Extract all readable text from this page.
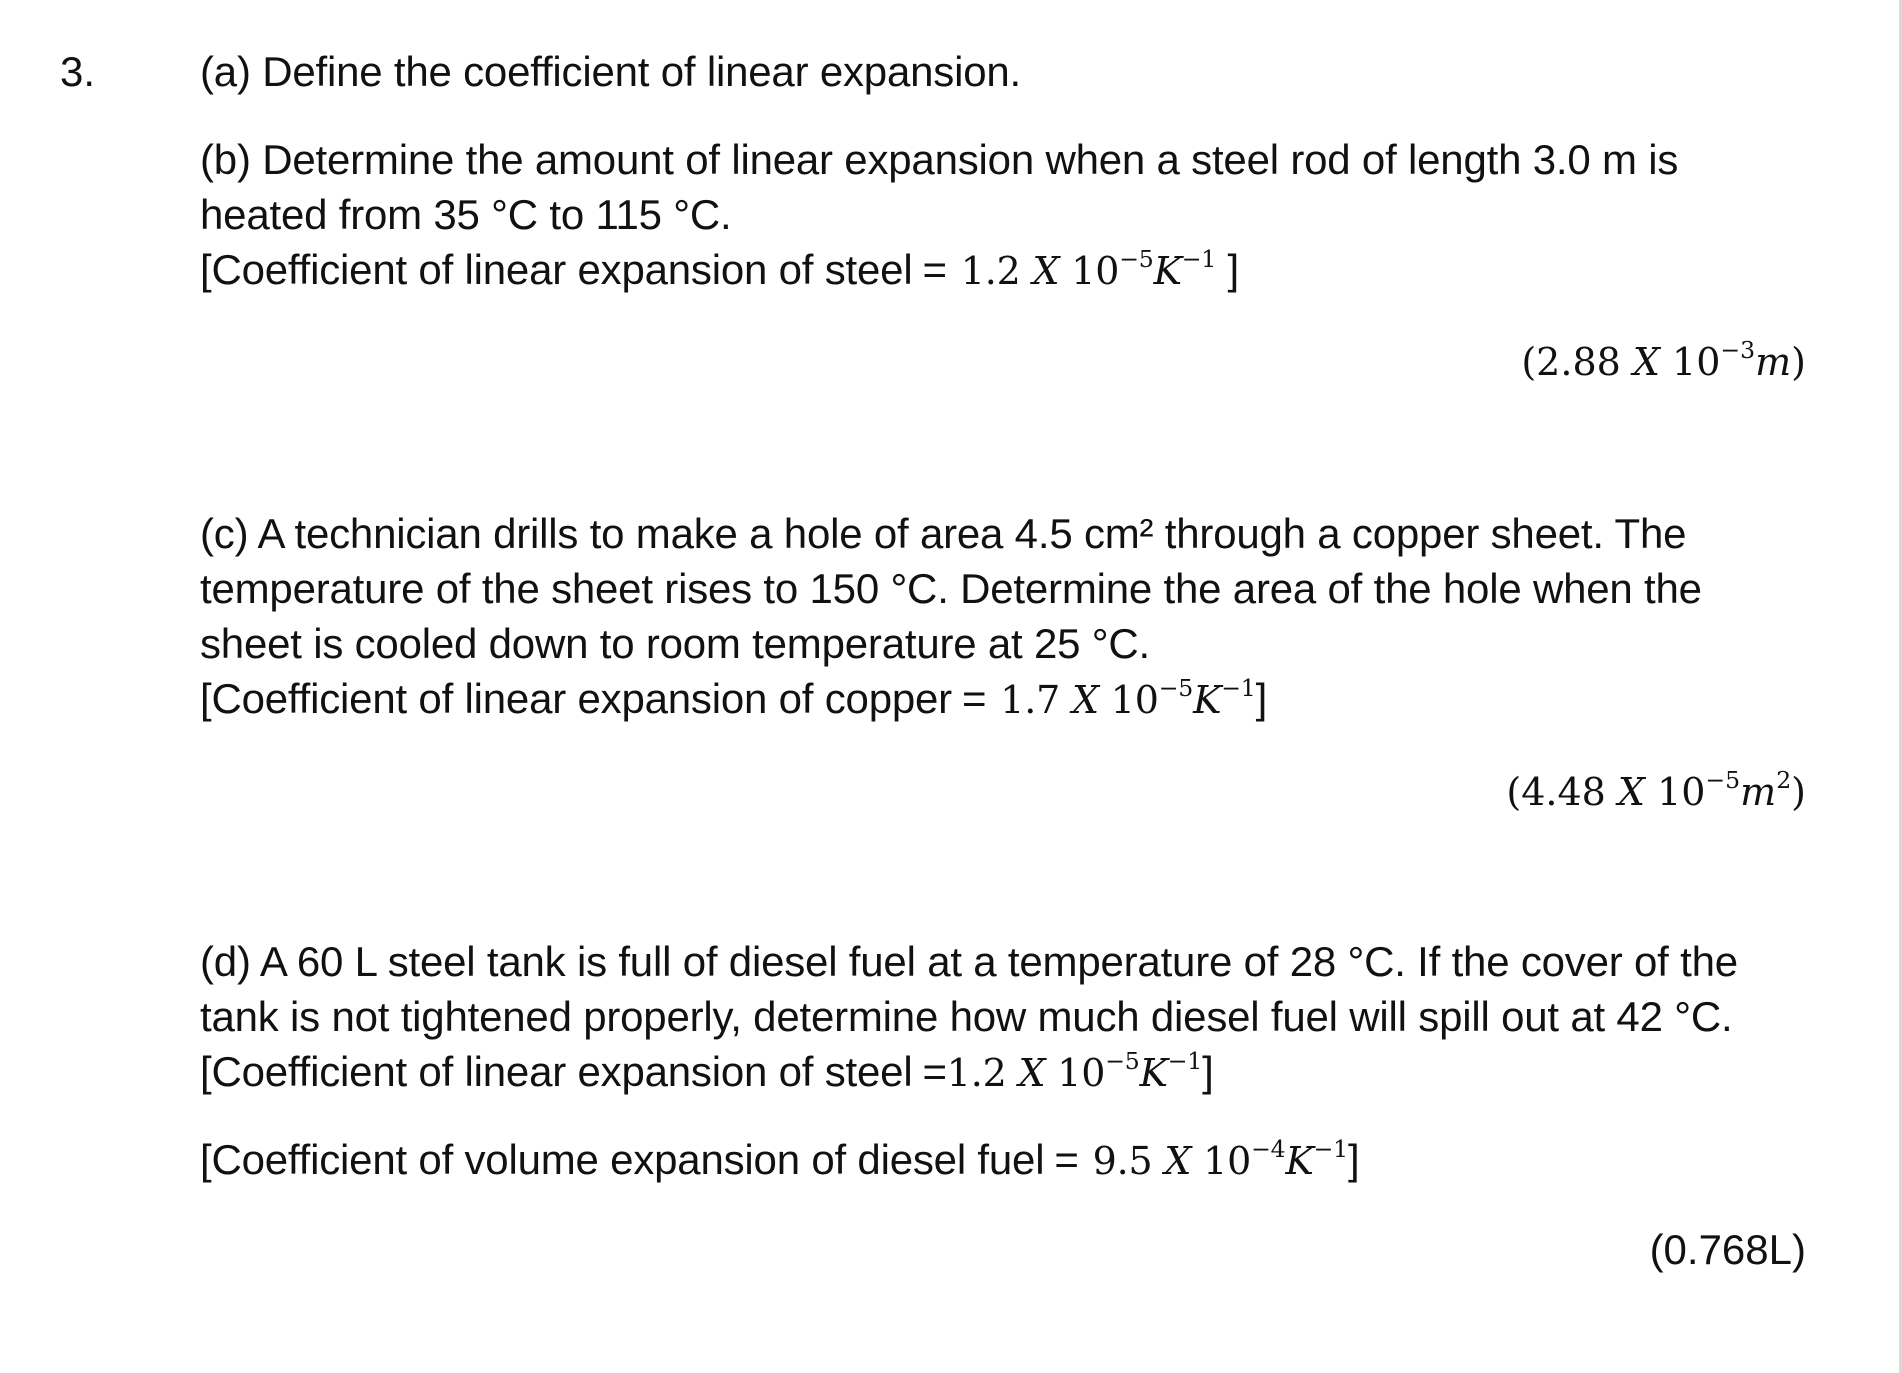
3. (a) Define the coefficient of linear expansion.
(b) Determine the amount of linear expansion when a steel rod of length 3.0 m is
heated from 35 °C to 115 °C.
[Coefficient of linear expansion of steel = 1.2 X $10^{-5}K^{-1}$ ]
(2.88 X $10^{-3}m$)
(c) A technician drills to make a hole of area 4.5 cm² through a copper sheet. The
temperature of the sheet rises to 150 °C. Determine the area of the hole when the
sheet is cooled down to room temperature at 25 °C.
[Coefficient of linear expansion of copper = 1.7 X $10^{-5}K^{-1}$]
(4.48 X $10^{-5}m^2$)
(d) A 60 L steel tank is full of diesel fuel at a temperature of 28 °C. If the cover of the
tank is not tightened properly, determine how much diesel fuel will spill out at 42 °C.
[Coefficient of linear expansion of steel =1.2 X $10^{-5}K^{-1}$]
[Coefficient of volume expansion of diesel fuel = 9.5 X $10^{-4}K^{-1}$]
(0.768L)
